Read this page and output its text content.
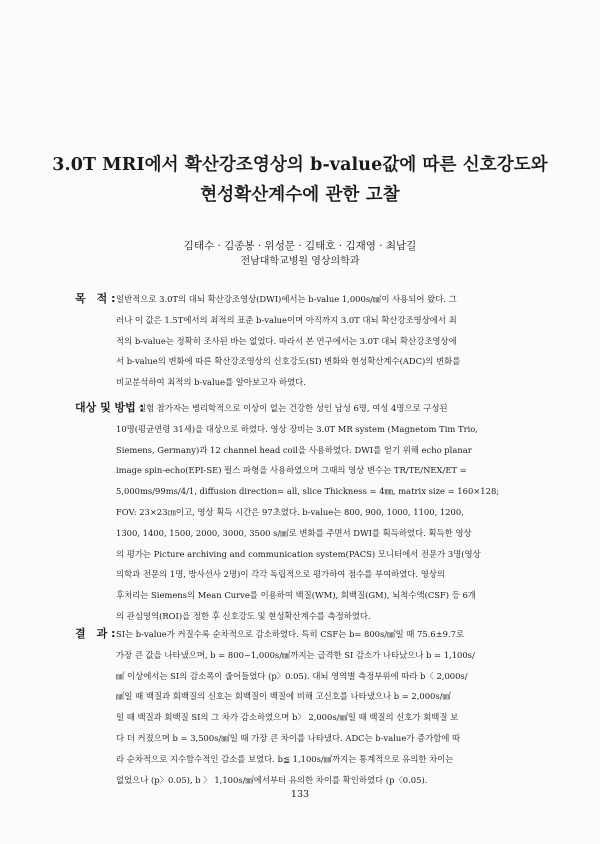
3.0T MRI에서 확산강조영상의 b-value값에 따른 신호강도와
현성확산계수에 관한 고찰
김태수 · 김종봉 · 위성문 · 김태호 · 김재영 · 최남길
전남대학교병원 영상의학과
목　적 : 일반적으로 3.0T의 대뇌 확산강조영상(DWI)에서는 b-value 1,000s/㎟이 사용되어 왔다. 그
러나 이 값은 1.5T에서의 최적의 표준 b-value이며 아직까지 3.0T 대뇌 확산강조영상에서 최
적의 b-value는 정확히 조사된 바는 없었다. 따라서 본 연구에서는 3.0T 대뇌 확산강조영상에
서 b-value의 변화에 따른 확산강조영상의 신호강도(SI) 변화와 현성확산계수(ADC)의 변화를
비교분석하여 최적의 b-value를 알아보고자 하였다.
대상 및 방법 :
실험 참가자는 병리학적으로 이상이 없는 건강한 성인 남성 6명, 여성 4명으로 구성된
10명(평균연령 31세)을 대상으로 하였다. 영상 장비는 3.0T MR system (Magnetom Tim Trio,
Siemens, Germany)과 12 channel head coil을 사용하였다. DWI를 얻기 위해 echo planar
image spin-echo(EPI-SE) 펄스 파형을 사용하였으며 그때의 영상 변수는 TR/TE/NEX/ET =
5,000ms/99ms/4/1, diffusion direction= all, slice Thickness = 4㎜, matrix size = 160×128;
FOV: 23×23㎝이고, 영상 획득 시간은 97초였다. b-value는 800, 900, 1000, 1100, 1200,
1300, 1400, 1500, 2000, 3000, 3500 s/㎟로 변화를 주면서 DWI를 획득하였다. 획득한 영상
의 평가는 Picture archiving and communication system(PACS) 모니터에서 전문가 3명(영상
의학과 전문의 1명, 방사선사 2명)이 각각 독립적으로 평가하여 점수를 부여하였다. 영상의
후처리는 Siemens의 Mean Curve를 이용하여 백질(WM), 회백질(GM), 뇌척수액(CSF) 등 6개
의 관심영역(ROI)을 정한 후 신호강도 및 현성확산계수를 측정하였다.
결　과 : SI는 b-value가 커질수록 순차적으로 감소하였다. 특히 CSF는 b= 800s/㎟일 때 75.6±9.7로
가장 큰 값을 나타냈으며, b = 800~1,000s/㎟까지는 급격한 SI 감소가 나타났으나 b = 1,100s/
㎟ 이상에서는 SI의 감소폭이 줄어들었다 (p〉0.05). 대뇌 영역별 측정부위에 따라 b〈 2,000s/
㎟일 때 백질과 회백질의 신호는 회백질이 백질에 비해 고신호를 나타냈으나 b = 2,000s/㎟
일 때 백질과 회백질 SI의 그 차가 감소하였으며 b〉 2,000s/㎟일 때 백질의 신호가 회백질 보
다 더 커졌으며 b = 3,500s/㎟일 때 가장 큰 차이를 나타냈다. ADC는 b-value가 증가함에 따
라 순차적으로 지수함수적인 감소를 보였다. b≦ 1,100s/㎟까지는 통계적으로 유의한 차이는
없었으나 (p〉0.05), b 〉 1,100s/㎟에서부터 유의한 차이를 확인하였다 (p〈0.05).
133
